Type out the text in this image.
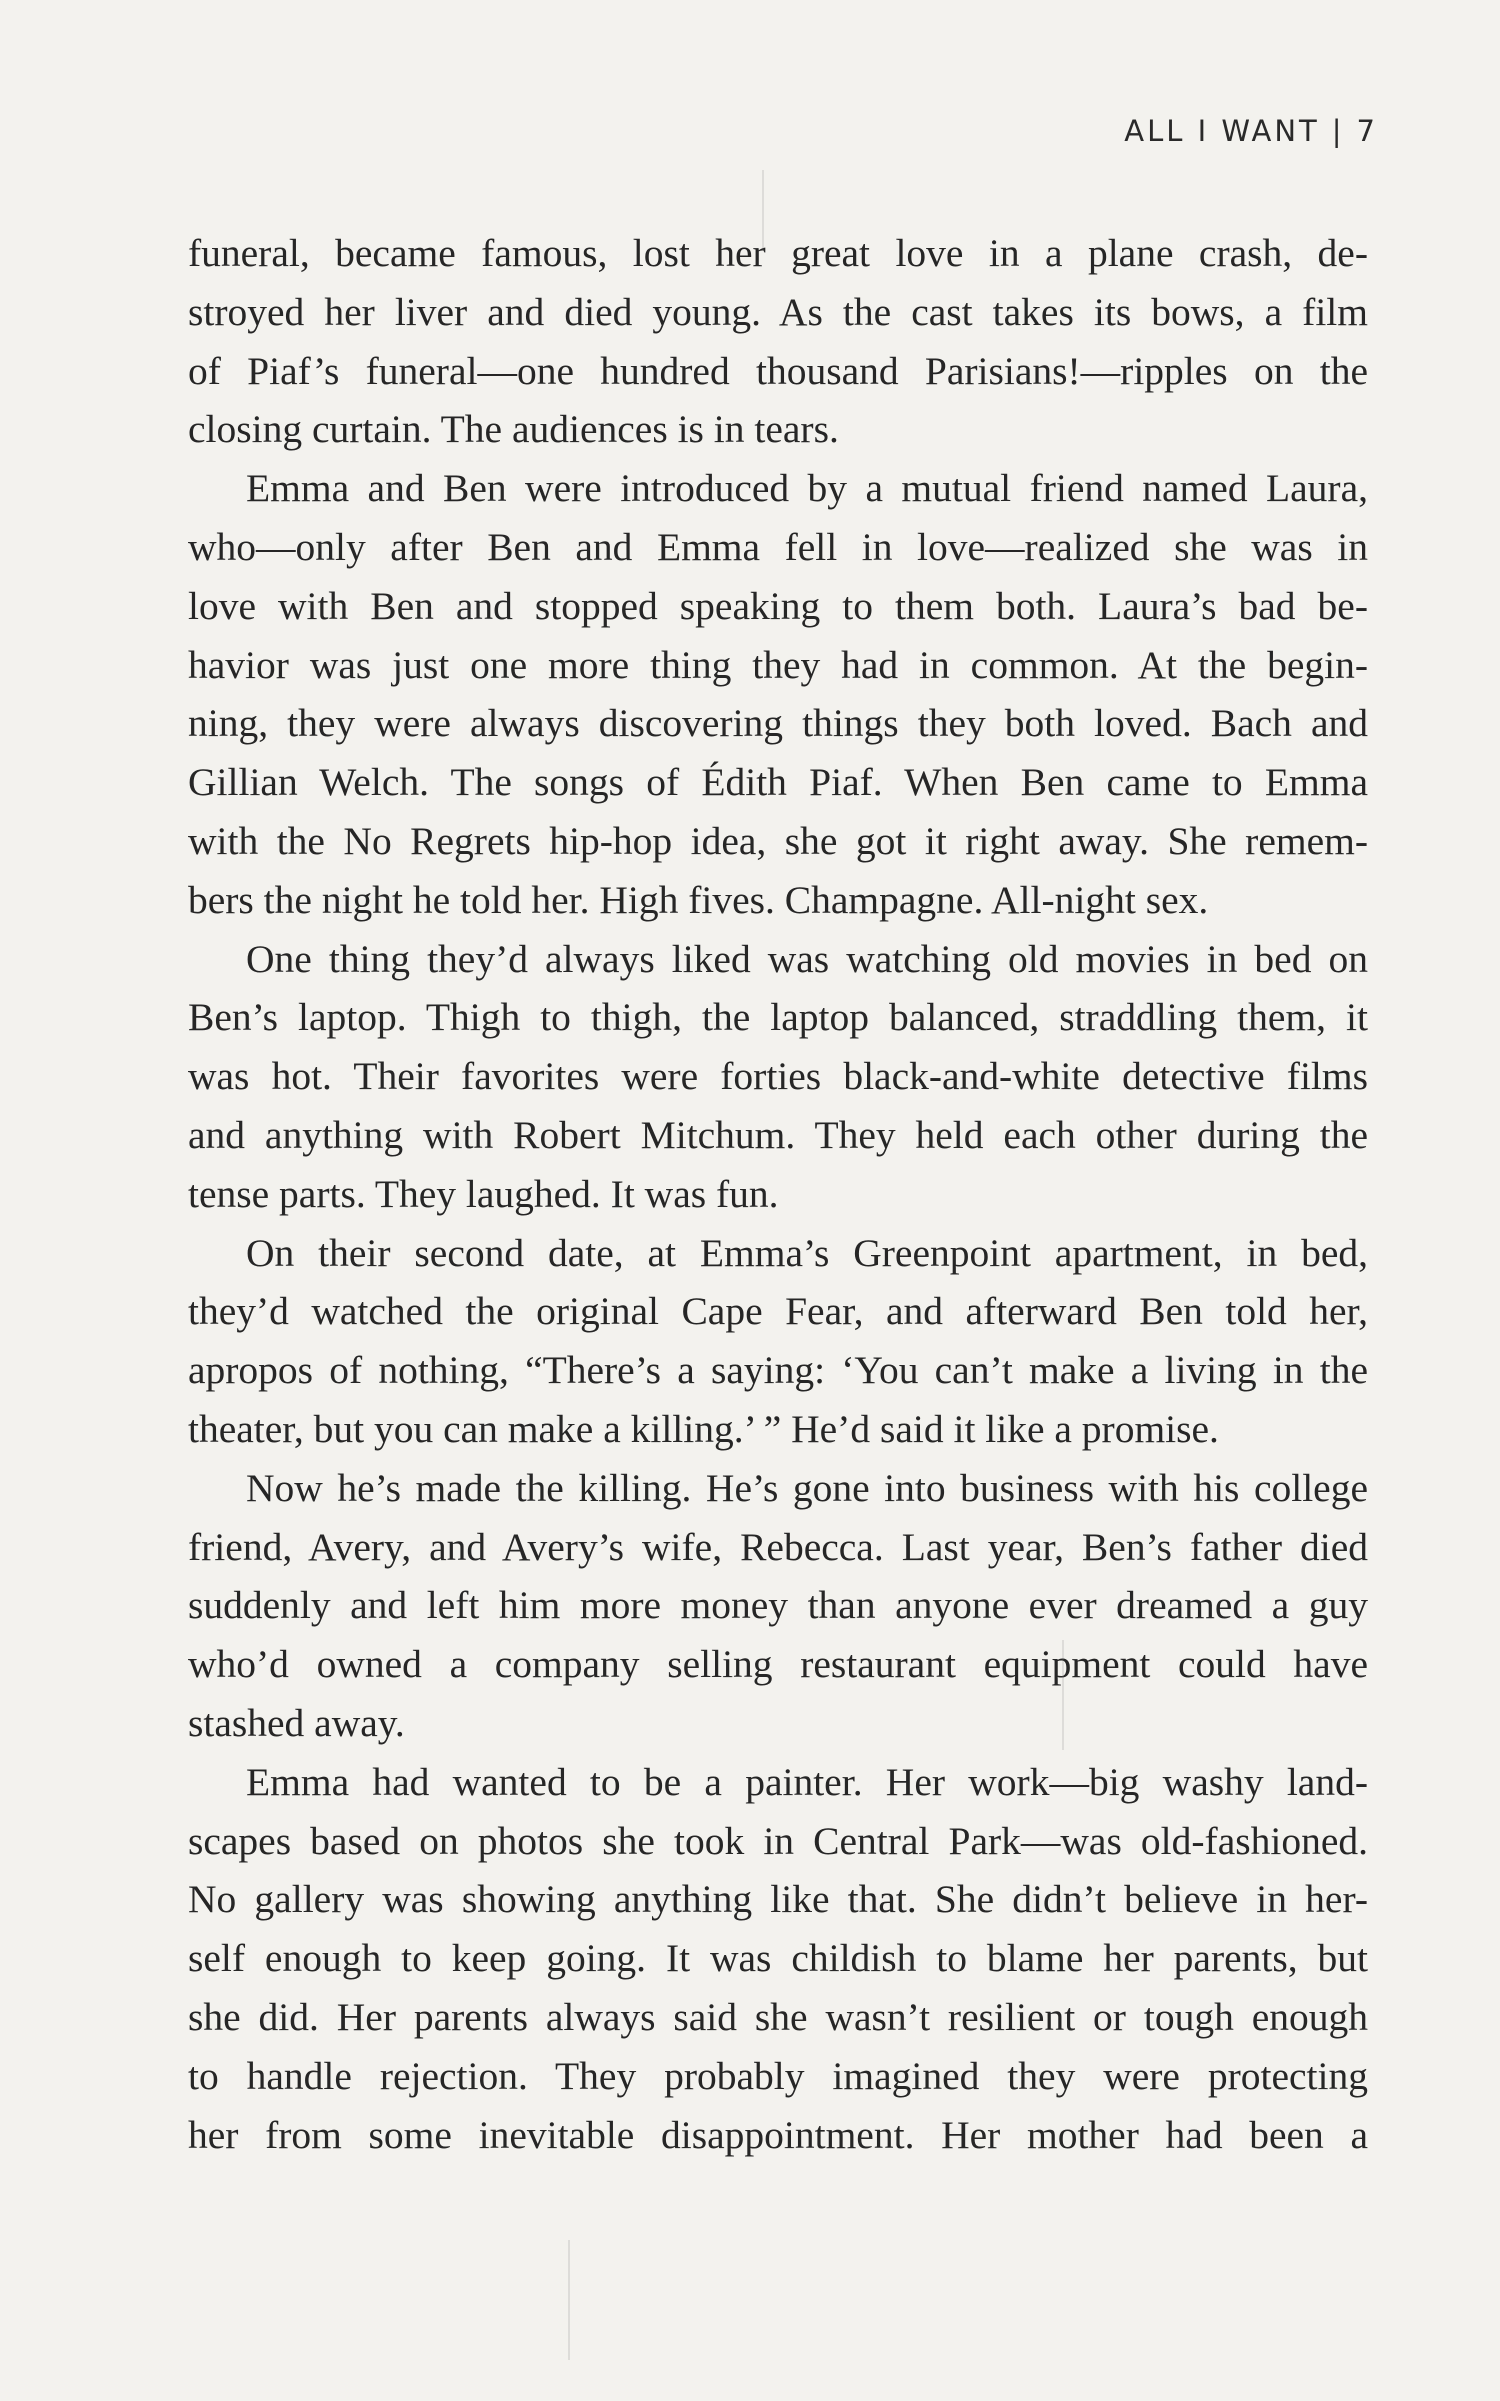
ALL I WANT | 7
funeral, became famous, lost her great love in a plane crash, de-
stroyed her liver and died young. As the cast takes its bows, a film
of Piaf’s funeral—one hundred thousand Parisians!—ripples on the
closing curtain. The audiences is in tears.
Emma and Ben were introduced by a mutual friend named Laura,
who—only after Ben and Emma fell in love—realized she was in
love with Ben and stopped speaking to them both. Laura’s bad be-
havior was just one more thing they had in common. At the begin-
ning, they were always discovering things they both loved. Bach and
Gillian Welch. The songs of Édith Piaf. When Ben came to Emma
with the No Regrets hip-hop idea, she got it right away. She remem-
bers the night he told her. High fives. Champagne. All-night sex.
One thing they’d always liked was watching old movies in bed on
Ben’s laptop. Thigh to thigh, the laptop balanced, straddling them, it
was hot. Their favorites were forties black-and-white detective films
and anything with Robert Mitchum. They held each other during the
tense parts. They laughed. It was fun.
On their second date, at Emma’s Greenpoint apartment, in bed,
they’d watched the original Cape Fear, and afterward Ben told her,
apropos of nothing, “There’s a saying: ‘You can’t make a living in the
theater, but you can make a killing.’ ” He’d said it like a promise.
Now he’s made the killing. He’s gone into business with his college
friend, Avery, and Avery’s wife, Rebecca. Last year, Ben’s father died
suddenly and left him more money than anyone ever dreamed a guy
who’d owned a company selling restaurant equipment could have
stashed away.
Emma had wanted to be a painter. Her work—big washy land-
scapes based on photos she took in Central Park—was old-fashioned.
No gallery was showing anything like that. She didn’t believe in her-
self enough to keep going. It was childish to blame her parents, but
she did. Her parents always said she wasn’t resilient or tough enough
to handle rejection. They probably imagined they were protecting
her from some inevitable disappointment. Her mother had been a
